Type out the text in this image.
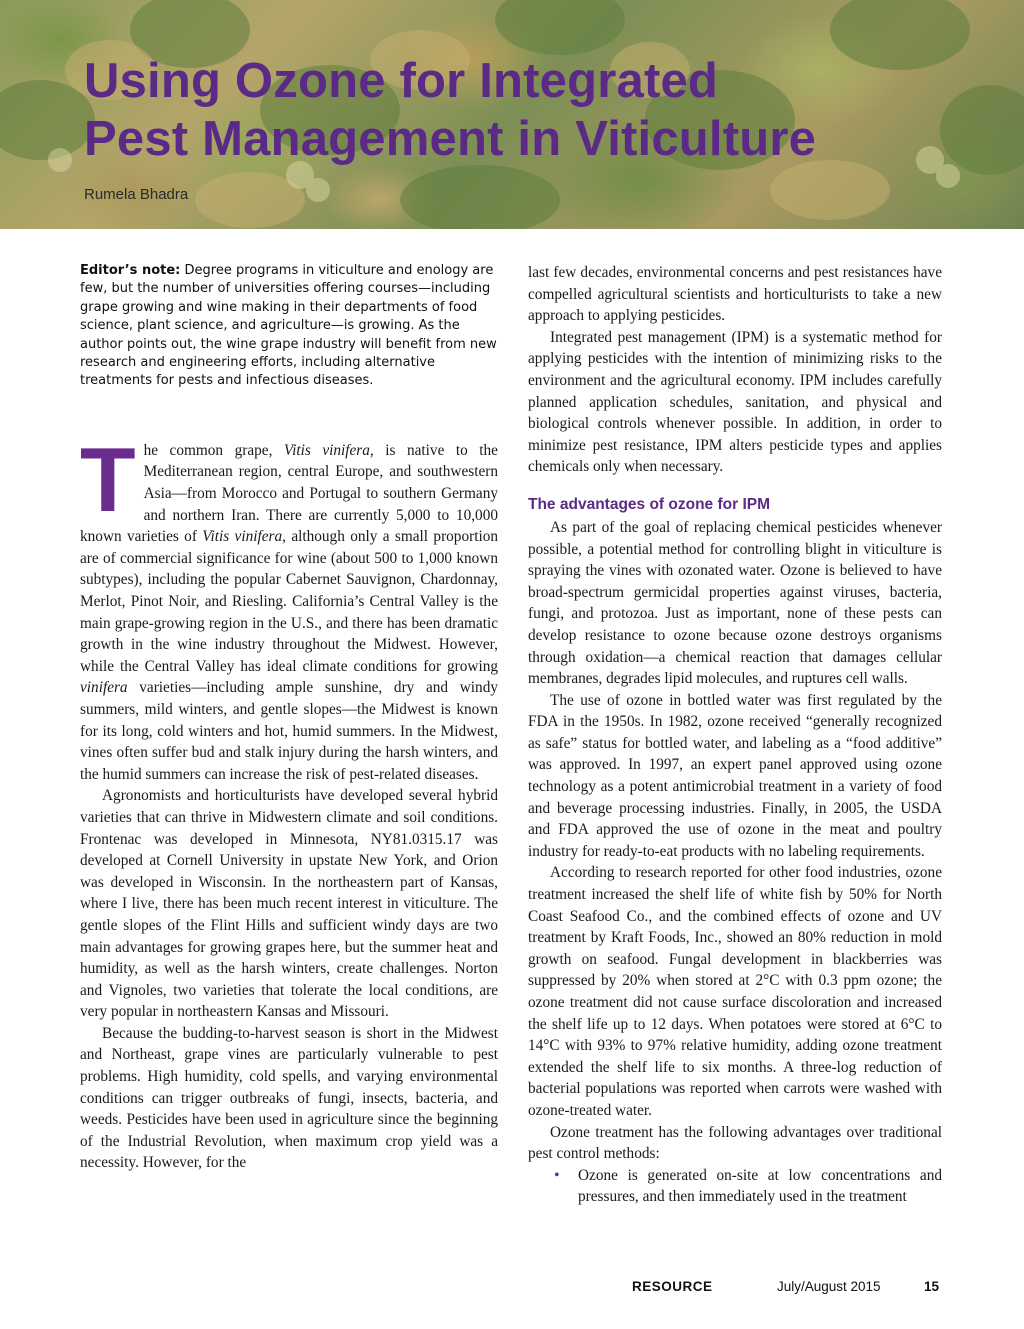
Using Ozone for Integrated
Pest Management in Viticulture
Rumela Bhadra

Editor’s note: Degree programs in viticulture and enology are few, but the number of universities offering courses—including grape growing and wine making in their departments of food science, plant science, and agriculture—is growing. As the author points out, the wine grape industry will benefit from new research and engineering efforts, including alternative treatments for pests and infectious diseases.

T he common grape, Vitis vinifera, is native to the Mediterranean region, central Europe, and southwestern Asia—from Morocco and Portugal to southern Germany and northern Iran. There are currently 5,000 to 10,000 known varieties of Vitis vinifera, although only a small proportion are of commercial significance for wine (about 500 to 1,000 known subtypes), including the popular Cabernet Sauvignon, Chardonnay, Merlot, Pinot Noir, and Riesling. California’s Central Valley is the main grape-growing region in the U.S., and there has been dramatic growth in the wine industry throughout the Midwest. However, while the Central Valley has ideal climate conditions for growing vinifera varieties—including ample sunshine, dry and windy summers, mild winters, and gentle slopes—the Midwest is known for its long, cold winters and hot, humid summers. In the Midwest, vines often suffer bud and stalk injury during the harsh winters, and the humid summers can increase the risk of pest-related diseases.

Agronomists and horticulturists have developed several hybrid varieties that can thrive in Midwestern climate and soil conditions. Frontenac was developed in Minnesota, NY81.0315.17 was developed at Cornell University in upstate New York, and Orion was developed in Wisconsin. In the northeastern part of Kansas, where I live, there has been much recent interest in viticulture. The gentle slopes of the Flint Hills and sufficient windy days are two main advantages for growing grapes here, but the summer heat and humidity, as well as the harsh winters, create challenges. Norton and Vignoles, two varieties that tolerate the local conditions, are very popular in northeastern Kansas and Missouri.

Because the budding-to-harvest season is short in the Midwest and Northeast, grape vines are particularly vulnerable to pest problems. High humidity, cold spells, and varying environmental conditions can trigger outbreaks of fungi, insects, bacteria, and weeds. Pesticides have been used in agriculture since the beginning of the Industrial Revolution, when maximum crop yield was a necessity. However, for the

last few decades, environmental concerns and pest resistances have compelled agricultural scientists and horticulturists to take a new approach to applying pesticides.

Integrated pest management (IPM) is a systematic method for applying pesticides with the intention of minimizing risks to the environment and the agricultural economy. IPM includes carefully planned application schedules, sanitation, and physical and biological controls whenever possible. In addition, in order to minimize pest resistance, IPM alters pesticide types and applies chemicals only when necessary.

The advantages of ozone for IPM

As part of the goal of replacing chemical pesticides whenever possible, a potential method for controlling blight in viticulture is spraying the vines with ozonated water. Ozone is believed to have broad-spectrum germicidal properties against viruses, bacteria, fungi, and protozoa. Just as important, none of these pests can develop resistance to ozone because ozone destroys organisms through oxidation—a chemical reaction that damages cellular membranes, degrades lipid molecules, and ruptures cell walls.

The use of ozone in bottled water was first regulated by the FDA in the 1950s. In 1982, ozone received “generally recognized as safe” status for bottled water, and labeling as a “food additive” was approved. In 1997, an expert panel approved using ozone technology as a potent antimicrobial treatment in a variety of food and beverage processing industries. Finally, in 2005, the USDA and FDA approved the use of ozone in the meat and poultry industry for ready-to-eat products with no labeling requirements.

According to research reported for other food industries, ozone treatment increased the shelf life of white fish by 50% for North Coast Seafood Co., and the combined effects of ozone and UV treatment by Kraft Foods, Inc., showed an 80% reduction in mold growth on seafood. Fungal development in blackberries was suppressed by 20% when stored at 2°C with 0.3 ppm ozone; the ozone treatment did not cause surface discoloration and increased the shelf life up to 12 days. When potatoes were stored at 6°C to 14°C with 93% to 97% relative humidity, adding ozone treatment extended the shelf life to six months. A three-log reduction of bacterial populations was reported when carrots were washed with ozone-treated water.

Ozone treatment has the following advantages over traditional pest control methods:

• Ozone is generated on-site at low concentrations and pressures, and then immediately used in the treatment
RESOURCE	July/August 2015	15
